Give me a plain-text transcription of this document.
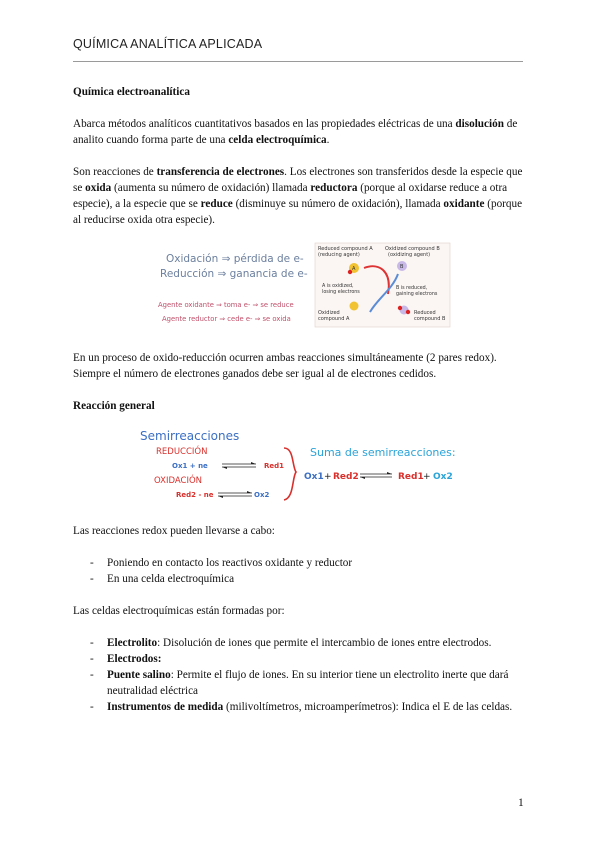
QUÍMICA ANALÍTICA APLICADA
Química electroanalítica
Abarca métodos analíticos cuantitativos basados en las propiedades eléctricas de una disolución de analito cuando forma parte de una celda electroquímica.
Son reacciones de transferencia de electrones. Los electrones son transferidos desde la especie que se oxida (aumenta su número de oxidación) llamada reductora (porque al oxidarse reduce a otra especie), a la especie que se reduce (disminuye su número de oxidación), llamada oxidante (porque al reducirse oxida otra especie).
Oxidación ⇒ pérdida de e-
Reducción ⇒ ganancia de e-
Agente oxidante ⇒ toma e- ⇒ se reduce
Agente reductor ⇒ cede e- ⇒ se oxida
Reduced compound A
(reducing agent)
Oxidized compound B
(oxidizing agent)
A	B
A is oxidized,
losing electrons
B is reduced,
gaining electrons
Oxidized
compound A
Reduced
compound B
En un proceso de oxido-reducción ocurren ambas reacciones simultáneamente (2 pares redox). Siempre el número de electrones ganados debe ser igual al de electrones cedidos.
Reacción general
Semirreacciones
REDUCCIÓN
Ox1 + ne	Red1
OXIDACIÓN
Red2 - ne	Ox2
Suma de semirreacciones:
Ox1 + Red2	Red1 + Ox2
Las reacciones redox pueden llevarse a cabo:
- Poniendo en contacto los reactivos oxidante y reductor
- En una celda electroquímica
Las celdas electroquímicas están formadas por:
- Electrolito: Disolución de iones que permite el intercambio de iones entre electrodos.
- Electrodos:
- Puente salino: Permite el flujo de iones. En su interior tiene un electrolito inerte que dará neutralidad eléctrica
- Instrumentos de medida (milivoltímetros, microamperímetros): Indica el E de las celdas.
1
